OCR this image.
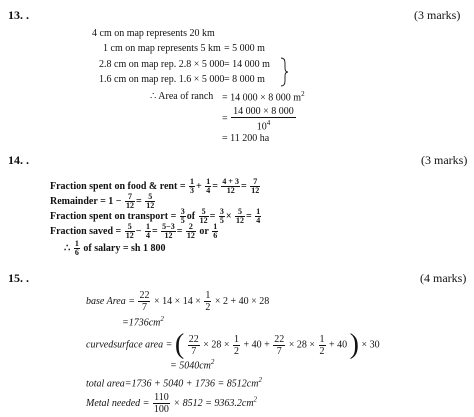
13. .	(3 marks)
4 cm on map represents 20 km
1 cm on map represents 5 km = 5 000 m
2.8 cm on map rep. 2.8 × 5 000 = 14 000 m
1.6 cm on map rep. 1.6 × 5 000 = 8 000 m
∴ Area of ranch = 14 000 × 8 000 $m^2$
= $\frac{14 000 \times 8 000}{10^4}$
= 11 200 ha
14. .	(3 marks)
Fraction spent on food & rent = $\frac{1}{3} + \frac{1}{4} = \frac{4 + 3}{12} = \frac{7}{12}$
Remainder = $1 - \frac{7}{12} = \frac{5}{12}$
Fraction spent on transport = $\frac{3}{5}$ of $\frac{5}{12} = \frac{3}{5} \times \frac{5}{12} = \frac{1}{4}$
Fraction saved = $\frac{5}{12} - \frac{1}{4} = \frac{5-3}{12} = \frac{2}{12}$ or $\frac{1}{6}$
∴ $\frac{1}{6}$ of salary = sh 1 800
15. .	(4 marks)
base Area = $\frac{22}{7} \times 14 \times 14 \times \frac{1}{2} \times 2 + 40 \times 28$
$=1736cm^2$
curvedsurface area = ( $\frac{22}{7} \times 28 \times \frac{1}{2} + 40 + \frac{22}{7} \times 28 \times \frac{1}{2} + 40$ ) × 30
= $5040cm^2$
total area=1736 + $5040 + 1736 = 8512cm^2$
Metal needed = $\frac{110}{100} \times 8512 = 9363.2cm^2$
